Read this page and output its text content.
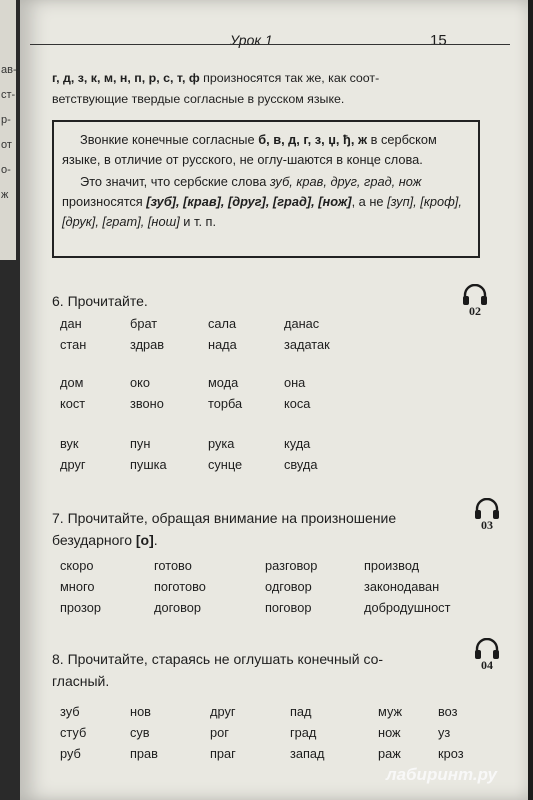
ав-
ст-
р-
от
о-
ж
Урок 1	15
г, д, з, к, м, н, п, р, с, т, ф произносятся так же, как соот-
ветствующие твердые согласные в русском языке.

Звонкие конечные согласные б, в, д, г, з, џ, ђ, ж в сербском языке, в отличие от русского, не оглу-шаются в конце слова.

Это значит, что сербские слова зуб, крав, друг, град, нож произносятся [зуб], [крав], [друг], [град], [нож], а не [зуп], [крoф], [друк], [грат], [нош] и т. п.

6. Прочитайте.
02
дан	брат	сала	данас
стан	здрав	нада	задатак
дом	око	мода	она
кост	звоно	торба	коса
вук	пун	рука	куда
друг	пушка	сунце	свуда
7. Прочитайте, обращая внимание на произношение
безударного [о].
03
скоро	готово	разговор	производ
много	поготово	одговор	законодаван
прозор	договор	поговор	добродушност
8. Прочитайте, стараясь не оглушать конечный со-
гласный.
04
зуб	нов	друг	пад	муж	воз
стуб	сув	рог	град	нож	уз
руб	прав	праг	запад	раж	кроз
лабиринт.ру
